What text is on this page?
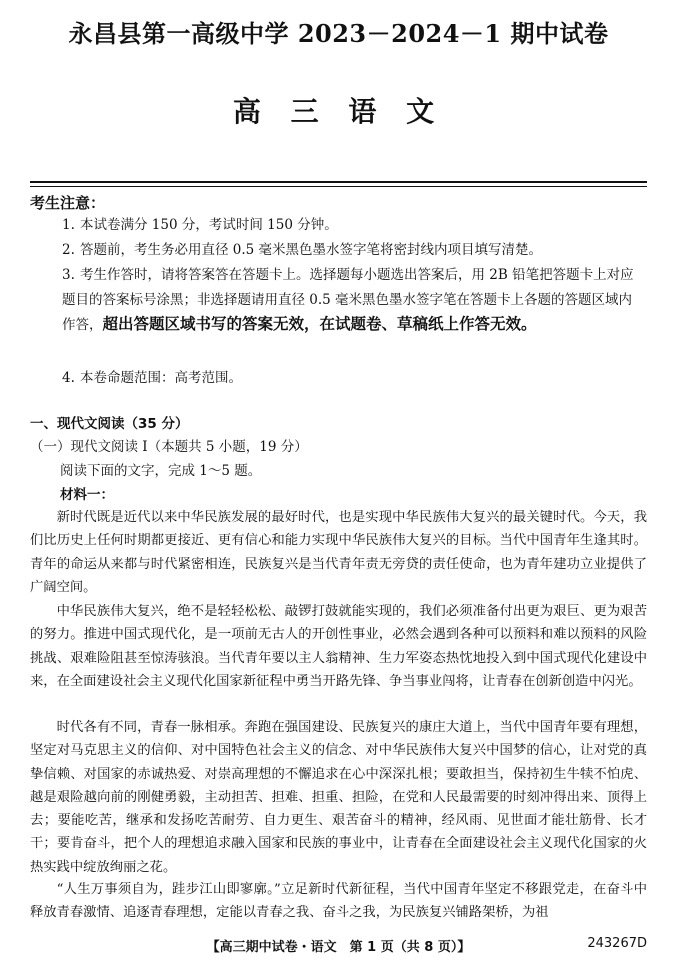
永昌县第一高级中学 2023－2024－1 期中试卷
高 三 语 文
考生注意：
1. 本试卷满分 150 分，考试时间 150 分钟。
2. 答题前，考生务必用直径 0.5 毫米黑色墨水签字笔将密封线内项目填写清楚。
3. 考生作答时，请将答案答在答题卡上。选择题每小题选出答案后，用 2B 铅笔把答题卡上对应题目的答案标号涂黑；非选择题请用直径 0.5 毫米黑色墨水签字笔在答题卡上各题的答题区域内作答，超出答题区域书写的答案无效，在试题卷、草稿纸上作答无效。
4. 本卷命题范围：高考范围。
一、现代文阅读（35 分）
（一）现代文阅读 I（本题共 5 小题，19 分）
阅读下面的文字，完成 1～5 题。
材料一：

新时代既是近代以来中华民族发展的最好时代，也是实现中华民族伟大复兴的最关键时代。今天，我们比历史上任何时期都更接近、更有信心和能力实现中华民族伟大复兴的目标。当代中国青年生逢其时。青年的命运从来都与时代紧密相连，民族复兴是当代青年责无旁贷的责任使命，也为青年建功立业提供了广阔空间。

中华民族伟大复兴，绝不是轻轻松松、敲锣打鼓就能实现的，我们必须准备付出更为艰巨、更为艰苦的努力。推进中国式现代化，是一项前无古人的开创性事业，必然会遇到各种可以预料和难以预料的风险挑战、艰难险阻甚至惊涛骇浪。当代青年要以主人翁精神、生力军姿态热忱地投入到中国式现代化建设中来，在全面建设社会主义现代化国家新征程中勇当开路先锋、争当事业闯将，让青春在创新创造中闪光。

时代各有不同，青春一脉相承。奔跑在强国建设、民族复兴的康庄大道上，当代中国青年要有理想，坚定对马克思主义的信仰、对中国特色社会主义的信念、对中华民族伟大复兴中国梦的信心，让对党的真挚信赖、对国家的赤诚热爱、对崇高理想的不懈追求在心中深深扎根；要敢担当，保持初生牛犊不怕虎、越是艰险越向前的刚健勇毅，主动担苦、担难、担重、担险，在党和人民最需要的时刻冲得出来、顶得上去；要能吃苦，继承和发扬吃苦耐劳、自力更生、艰苦奋斗的精神，经风雨、见世面才能壮筋骨、长才干；要肯奋斗，把个人的理想追求融入国家和民族的事业中，让青春在全面建设社会主义现代化国家的火热实践中绽放绚丽之花。

“人生万事须自为，跬步江山即寥廓。”立足新时代新征程，当代中国青年坚定不移跟党走，在奋斗中释放青春激情、追逐青春理想，定能以青春之我、奋斗之我，为民族复兴铺路架桥，为祖

【高三期中试卷・语文　第 1 页（共 8 页）】	243267D
